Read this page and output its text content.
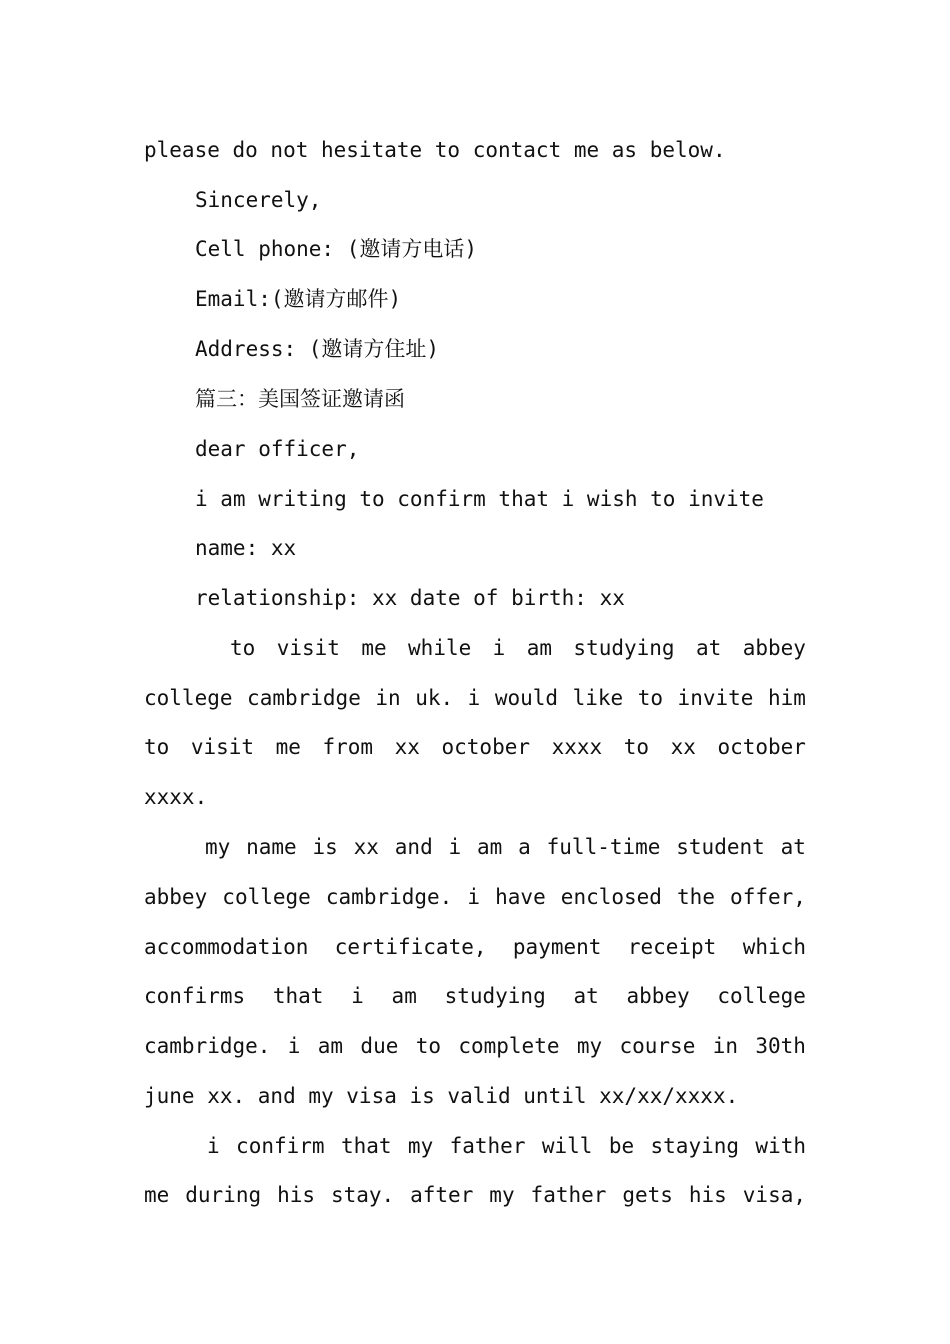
please do not hesitate to contact me as below.
Sincerely,
Cell phone: (邀请方电话)
Email:(邀请方邮件)
Address: (邀请方住址)
篇三：美国签证邀请函
dear officer,
i am writing to confirm that i wish to invite
name: xx
relationship: xx date of birth: xx
to visit me while i am studying at abbey
college cambridge in uk. i would like to invite him
to visit me from xx october xxxx to xx october
xxxx.
my name is xx and i am a full-time student at
abbey college cambridge. i have enclosed the offer,
accommodation certificate, payment receipt which
confirms that i am studying at abbey college
cambridge. i am due to complete my course in 30th
june xx. and my visa is valid until xx/xx/xxxx.
i confirm that my father will be staying with
me during his stay. after my father gets his visa,
